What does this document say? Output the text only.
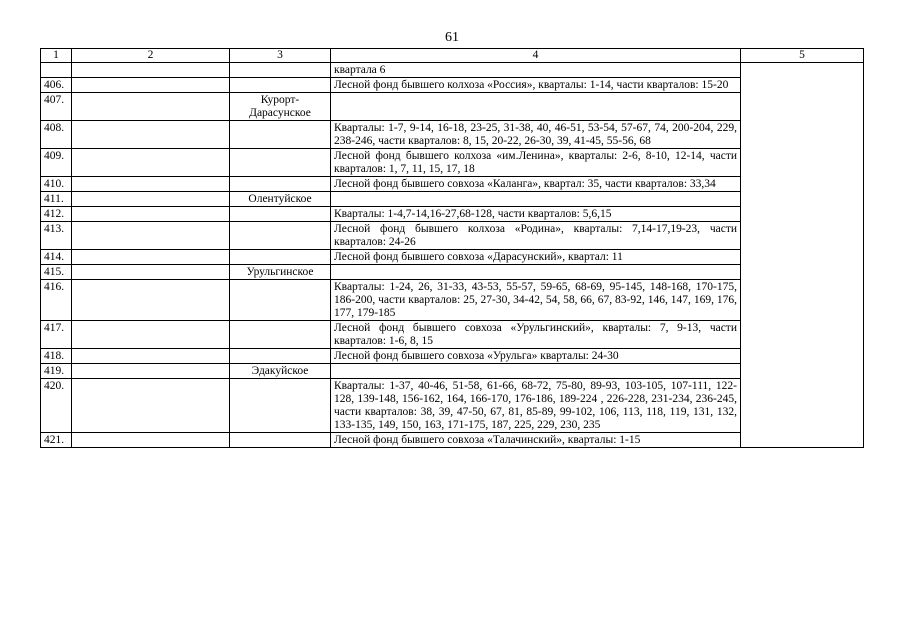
61
1	2	3	4	5
			квартала 6	
406.			Лесной фонд бывшего колхоза «Россия», кварталы: 1-14, части кварталов: 15-20	
407.		Курорт-Дарасунское		
408.			Кварталы: 1-7, 9-14, 16-18, 23-25, 31-38, 40, 46-51, 53-54, 57-67, 74, 200-204, 229, 238-246, части кварталов: 8, 15, 20-22, 26-30, 39, 41-45, 55-56, 68	
409.			Лесной фонд бывшего колхоза «им.Ленина», кварталы: 2-6, 8-10, 12-14, части кварталов: 1, 7, 11, 15, 17, 18	
410.			Лесной фонд бывшего совхоза «Каланга», квартал: 35, части кварталов: 33,34	
411.		Олентуйское		
412.			Кварталы: 1-4,7-14,16-27,68-128, части кварталов: 5,6,15	
413.			Лесной фонд бывшего колхоза «Родина», кварталы: 7,14-17,19-23, части кварталов: 24-26	
414.			Лесной фонд бывшего совхоза «Дарасунский», квартал: 11	
415.		Урульгинское		
416.			Кварталы: 1-24, 26, 31-33, 43-53, 55-57, 59-65, 68-69, 95-145, 148-168, 170-175, 186-200, части кварталов: 25, 27-30, 34-42, 54, 58, 66, 67, 83-92, 146, 147, 169, 176, 177, 179-185	
417.			Лесной фонд бывшего совхоза «Урульгинский», кварталы: 7, 9-13, части кварталов: 1-6, 8, 15	
418.			Лесной фонд бывшего совхоза «Урульга» кварталы: 24-30	
419.		Эдакуйское		
420.			Кварталы: 1-37, 40-46, 51-58, 61-66, 68-72, 75-80, 89-93, 103-105, 107-111, 122-128, 139-148, 156-162, 164, 166-170, 176-186, 189-224 , 226-228, 231-234, 236-245, части кварталов: 38, 39, 47-50, 67, 81, 85-89, 99-102, 106, 113, 118, 119, 131, 132, 133-135, 149, 150, 163, 171-175, 187, 225, 229, 230, 235	
421.			Лесной фонд бывшего совхоза «Талачинский», кварталы: 1-15	
